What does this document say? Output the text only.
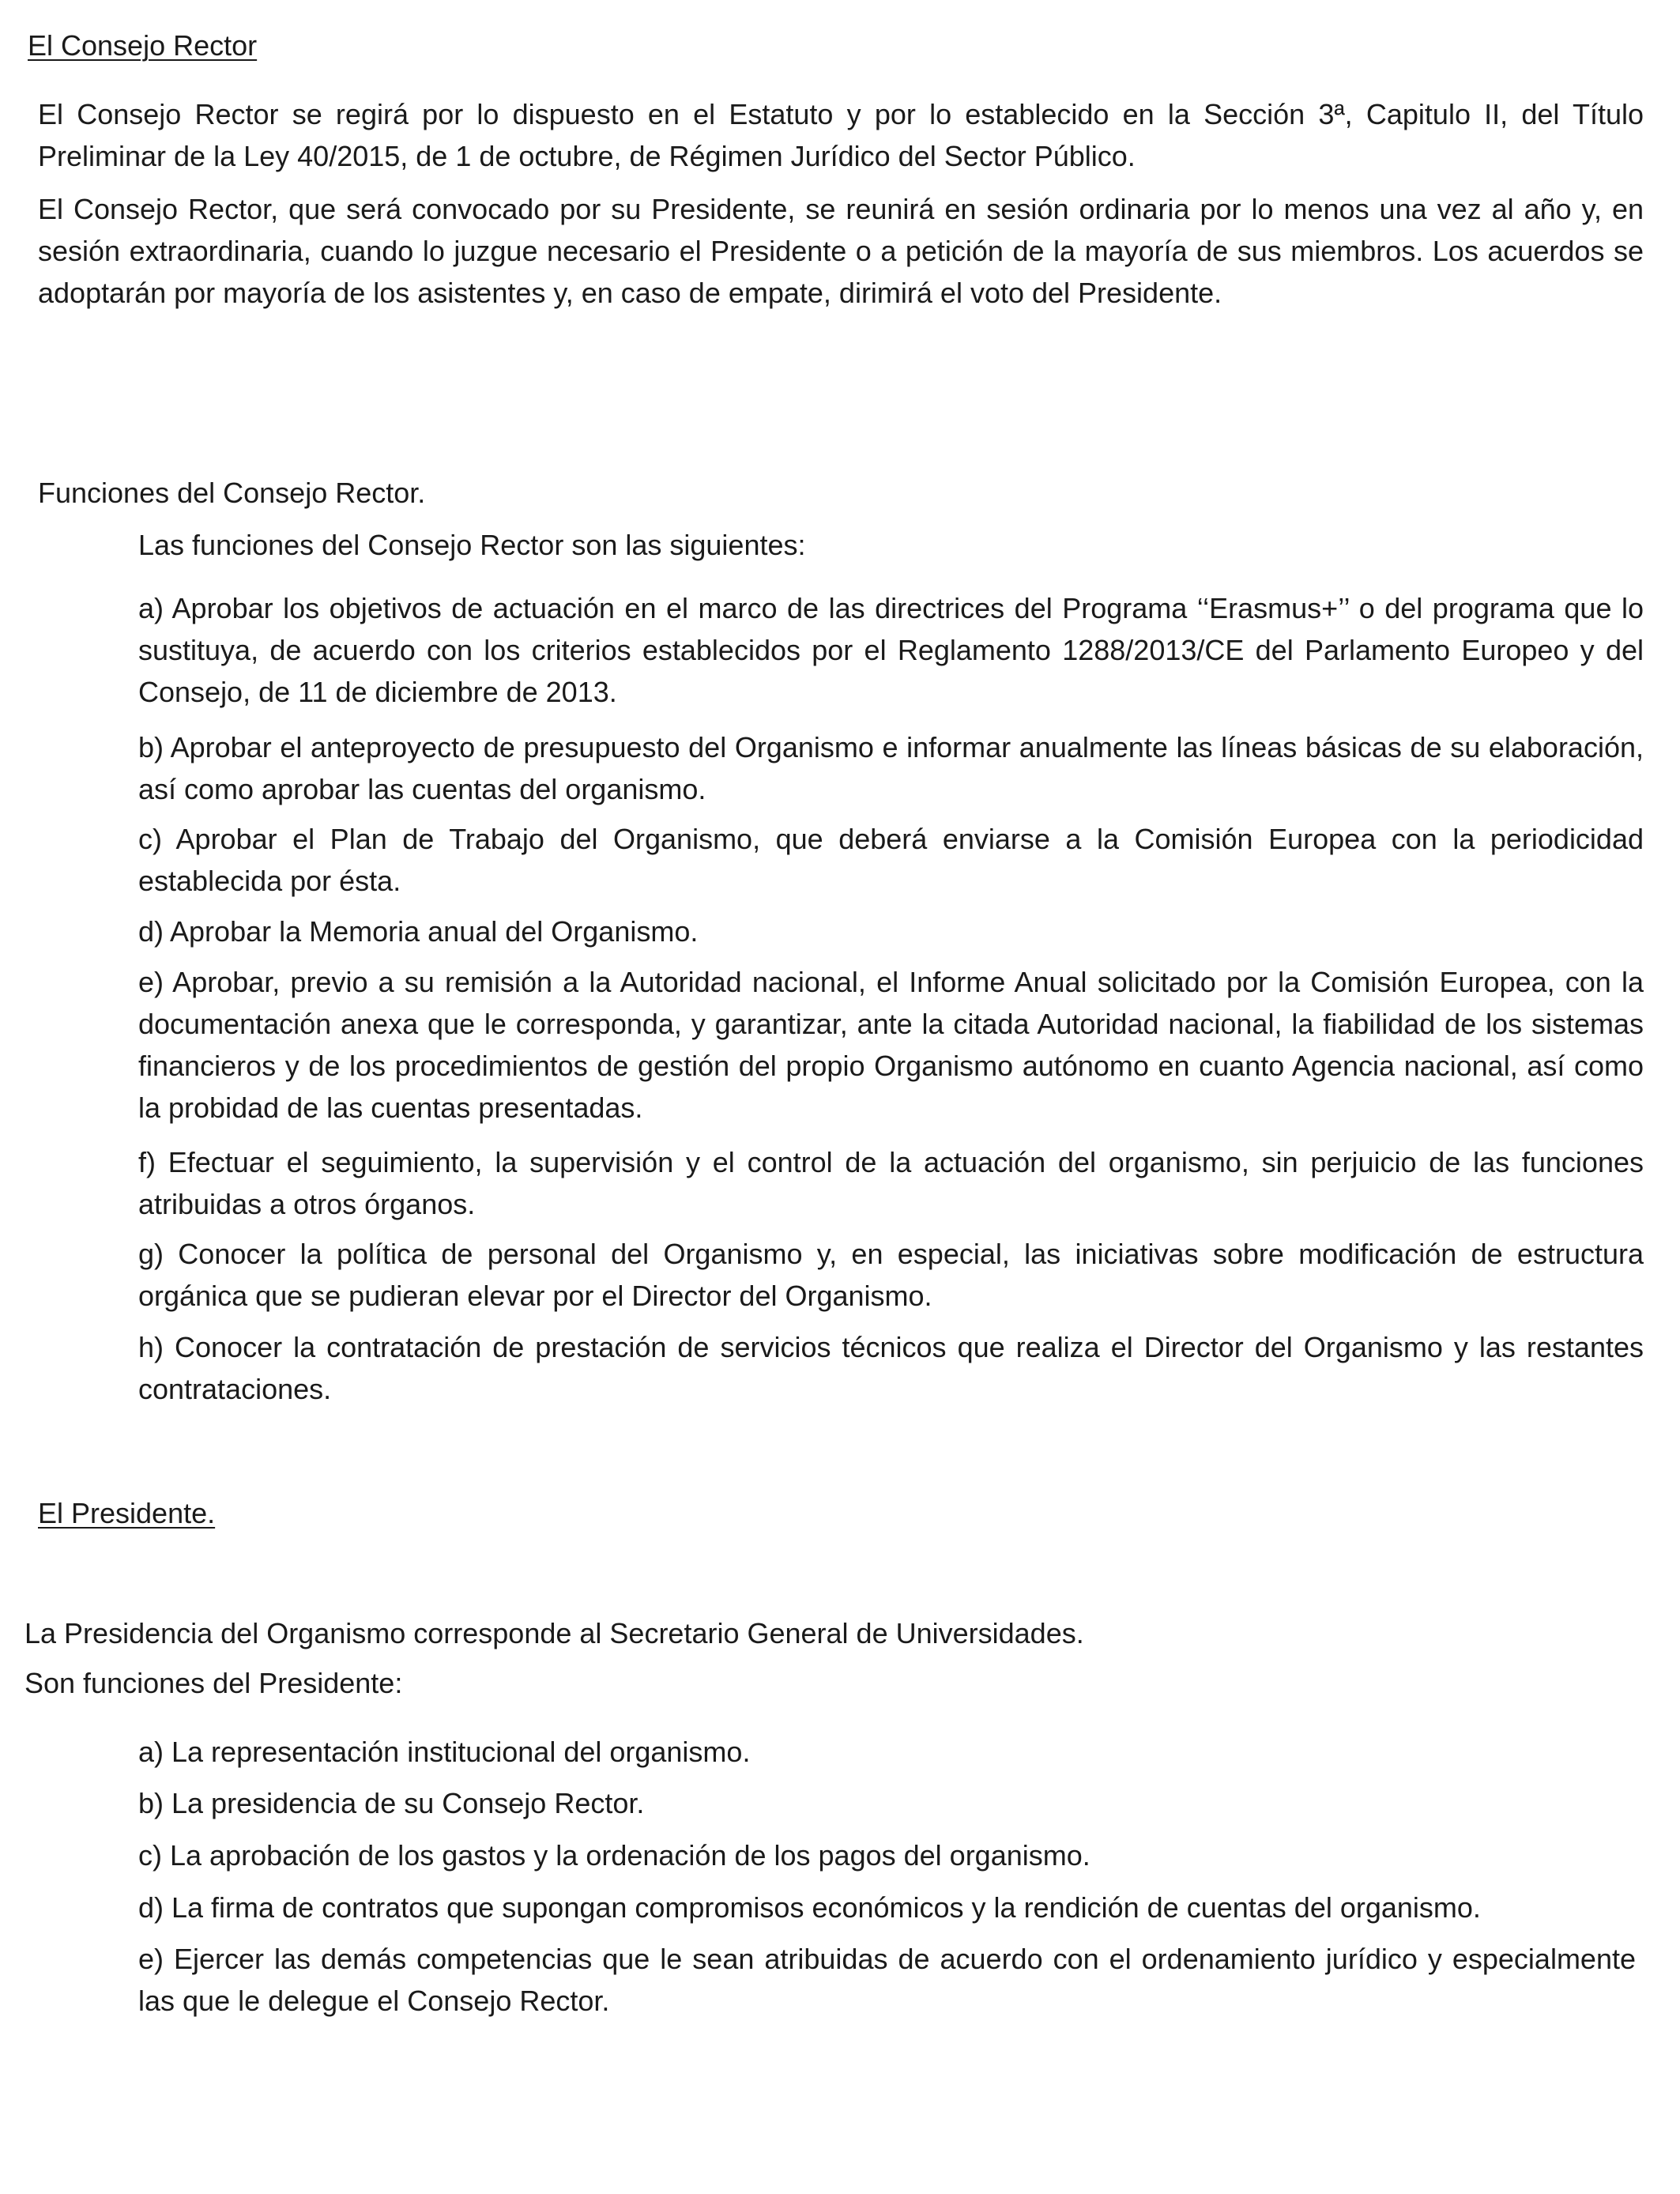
El Consejo Rector

El Consejo Rector se regirá por lo dispuesto en el Estatuto y por lo establecido en la Sección 3ª, Capitulo II, del Título Preliminar de la Ley 40/2015, de 1 de octubre, de Régimen Jurídico del Sector Público.

El Consejo Rector, que será convocado por su Presidente, se reunirá en sesión ordinaria por lo menos una vez al año y, en sesión extraordinaria, cuando lo juzgue necesario el Presidente o a petición de la mayoría de sus miembros. Los acuerdos se adoptarán por mayoría de los asistentes y, en caso de empate, dirimirá el voto del Presidente.

Funciones del Consejo Rector.

Las funciones del Consejo Rector son las siguientes:

a) Aprobar los objetivos de actuación en el marco de las directrices del Programa ‘‘Erasmus+’’ o del programa que lo sustituya, de acuerdo con los criterios establecidos por el Reglamento 1288/2013/CE del Parlamento Europeo y del Consejo, de 11 de diciembre de 2013.
b) Aprobar el anteproyecto de presupuesto del Organismo e informar anualmente las líneas básicas de su elaboración, así como aprobar las cuentas del organismo.
c) Aprobar el Plan de Trabajo del Organismo, que deberá enviarse a la Comisión Europea con la periodicidad establecida por ésta.
d) Aprobar la Memoria anual del Organismo.
e) Aprobar, previo a su remisión a la Autoridad nacional, el Informe Anual solicitado por la Comisión Europea, con la documentación anexa que le corresponda, y garantizar, ante la citada Autoridad nacional, la fiabilidad de los sistemas financieros y de los procedimientos de gestión del propio Organismo autónomo en cuanto Agencia nacional, así como la probidad de las cuentas presentadas.
f) Efectuar el seguimiento, la supervisión y el control de la actuación del organismo, sin perjuicio de las funciones atribuidas a otros órganos.
g) Conocer la política de personal del Organismo y, en especial, las iniciativas sobre modificación de estructura orgánica que se pudieran elevar por el Director del Organismo.
h) Conocer la contratación de prestación de servicios técnicos que realiza el Director del Organismo y las restantes contrataciones.
El Presidente.

La Presidencia del Organismo corresponde al Secretario General de Universidades.

Son funciones del Presidente:

a) La representación institucional del organismo.
b) La presidencia de su Consejo Rector.
c) La aprobación de los gastos y la ordenación de los pagos del organismo.
d) La firma de contratos que supongan compromisos económicos y la rendición de cuentas del organismo.
e) Ejercer las demás competencias que le sean atribuidas de acuerdo con el ordenamiento jurídico y especialmente las que le delegue el Consejo Rector.
